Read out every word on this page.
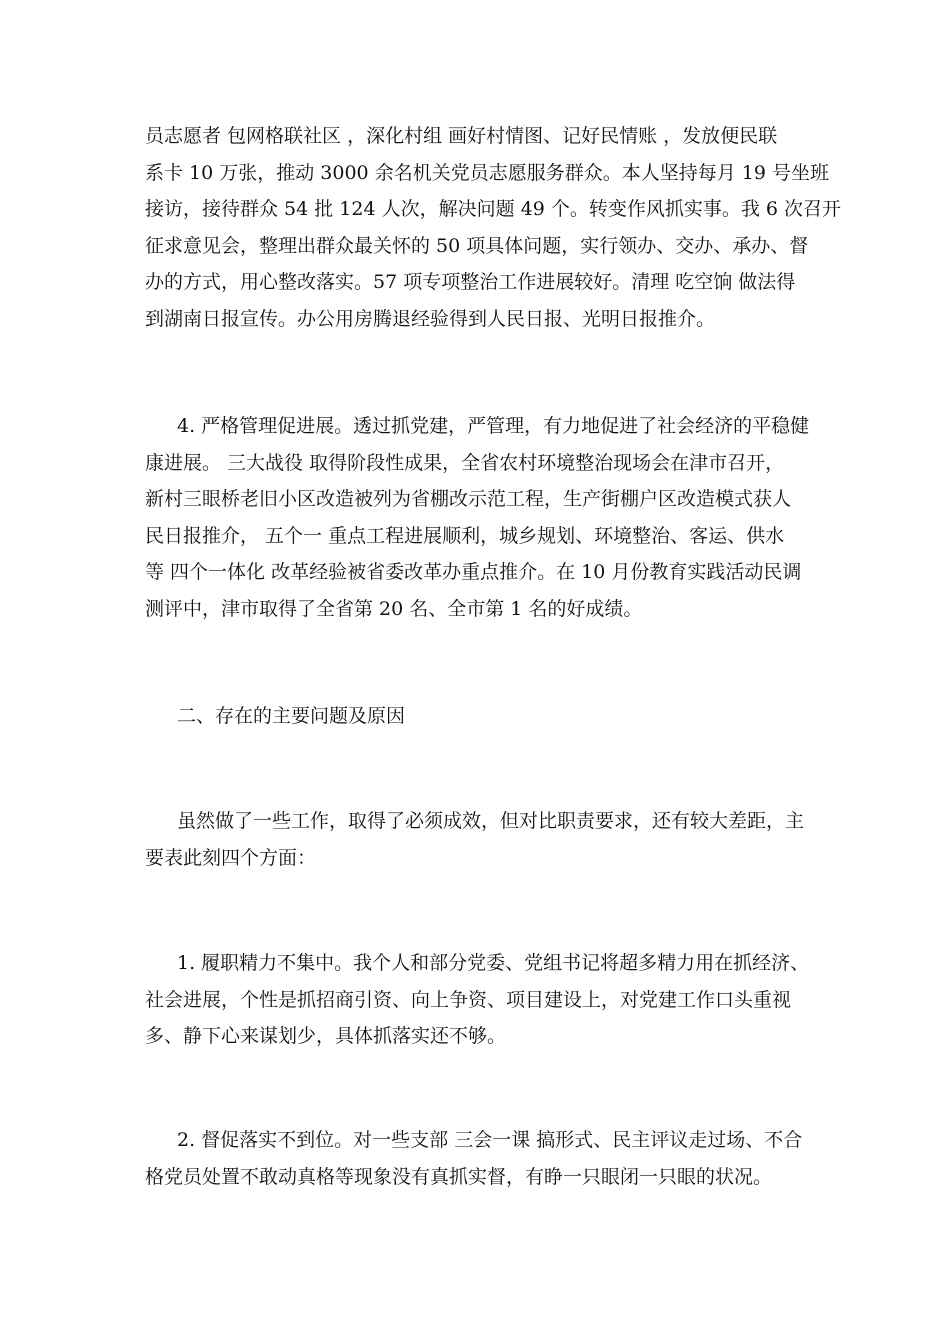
员志愿者 包网格联社区 ，深化村组 画好村情图、记好民情账 ，发放便民联
系卡 10 万张，推动 3000 余名机关党员志愿服务群众。本人坚持每月 19 号坐班
接访，接待群众 54 批 124 人次，解决问题 49 个。转变作风抓实事。我 6 次召开
征求意见会，整理出群众最关怀的 50 项具体问题，实行领办、交办、承办、督
办的方式，用心整改落实。57 项专项整治工作进展较好。清理 吃空饷 做法得
到湖南日报宣传。办公用房腾退经验得到人民日报、光明日报推介。
4. 严格管理促进展。透过抓党建，严管理，有力地促进了社会经济的平稳健
康进展。 三大战役 取得阶段性成果，全省农村环境整治现场会在津市召开，
新村三眼桥老旧小区改造被列为省棚改示范工程，生产街棚户区改造模式获人
民日报推介， 五个一 重点工程进展顺利，城乡规划、环境整治、客运、供水
等 四个一体化 改革经验被省委改革办重点推介。在 10 月份教育实践活动民调
测评中，津市取得了全省第 20 名、全市第 1 名的好成绩。
二、存在的主要问题及原因
虽然做了一些工作，取得了必须成效，但对比职责要求，还有较大差距，主
要表此刻四个方面：
1. 履职精力不集中。我个人和部分党委、党组书记将超多精力用在抓经济、
社会进展，个性是抓招商引资、向上争资、项目建设上，对党建工作口头重视
多、静下心来谋划少，具体抓落实还不够。
2. 督促落实不到位。对一些支部 三会一课 搞形式、民主评议走过场、不合
格党员处置不敢动真格等现象没有真抓实督，有睁一只眼闭一只眼的状况。
